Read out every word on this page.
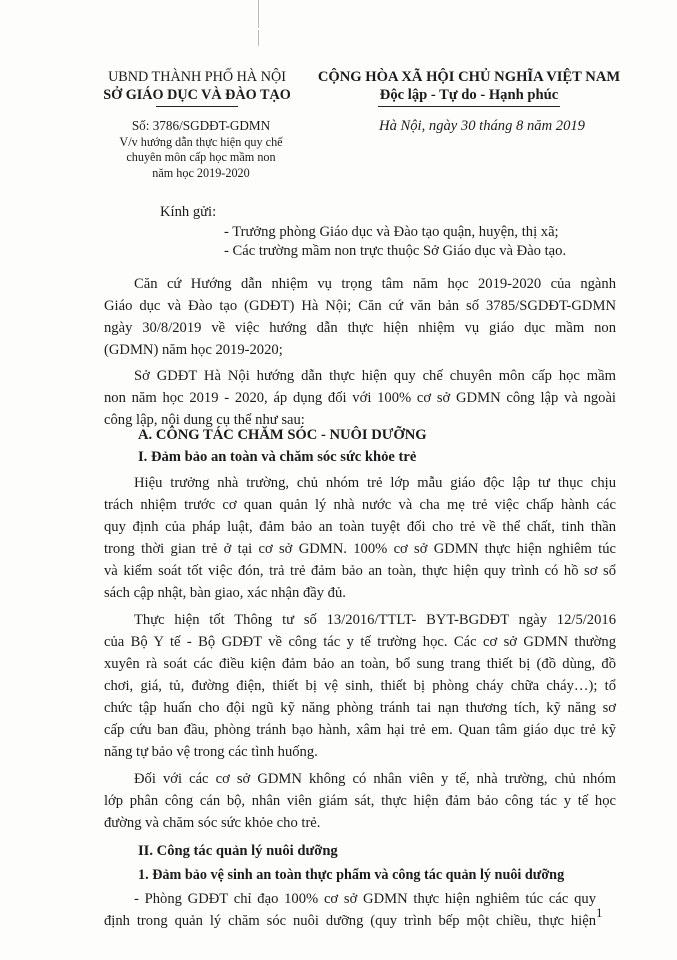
UBND THÀNH PHỐ HÀ NỘI
SỞ GIÁO DỤC VÀ ĐÀO TẠO
CỘNG HÒA XÃ HỘI CHỦ NGHĨA VIỆT NAM
Độc lập - Tự do - Hạnh phúc
Số: 3786/SGDĐT-GDMN
V/v hướng dẫn thực hiện quy chế
chuyên môn cấp học mầm non
năm học 2019-2020
Hà Nội, ngày 30 tháng 8 năm 2019
Kính gửi:
- Trưởng phòng Giáo dục và Đào tạo quận, huyện, thị xã;
- Các trường mầm non trực thuộc Sở Giáo dục và Đào tạo.
Căn cứ Hướng dẫn nhiệm vụ trọng tâm năm học 2019-2020 của ngành
Giáo dục và Đào tạo (GDĐT) Hà Nội; Căn cứ văn bản số 3785/SGDĐT-GDMN
ngày 30/8/2019 về việc hướng dẫn thực hiện nhiệm vụ giáo dục mầm non
(GDMN) năm học 2019-2020;
Sở GDĐT Hà Nội hướng dẫn thực hiện quy chế chuyên môn cấp học mầm
non năm học 2019 - 2020, áp dụng đối với 100% cơ sở GDMN công lập và ngoài
công lập, nội dung cụ thể như sau:
A. CÔNG TÁC CHĂM SÓC - NUÔI DƯỠNG
I. Đảm bảo an toàn và chăm sóc sức khỏe trẻ
Hiệu trưởng nhà trường, chủ nhóm trẻ lớp mẫu giáo độc lập tư thục chịu
trách nhiệm trước cơ quan quản lý nhà nước và cha mẹ trẻ việc chấp hành các
quy định của pháp luật, đảm bảo an toàn tuyệt đối cho trẻ về thể chất, tinh thần
trong thời gian trẻ ở tại cơ sở GDMN. 100% cơ sở GDMN thực hiện nghiêm túc
và kiểm soát tốt việc đón, trả trẻ đảm bảo an toàn, thực hiện quy trình có hồ sơ sổ
sách cập nhật, bàn giao, xác nhận đầy đủ.
Thực hiện tốt Thông tư số 13/2016/TTLT- BYT-BGDĐT ngày 12/5/2016
của Bộ Y tế - Bộ GDĐT về công tác y tế trường học. Các cơ sở GDMN thường
xuyên rà soát các điều kiện đảm bảo an toàn, bổ sung trang thiết bị (đồ dùng, đồ
chơi, giá, tủ, đường điện, thiết bị vệ sinh, thiết bị phòng cháy chữa cháy…); tổ
chức tập huấn cho đội ngũ kỹ năng phòng tránh tai nạn thương tích, kỹ năng sơ
cấp cứu ban đầu, phòng tránh bạo hành, xâm hại trẻ em. Quan tâm giáo dục trẻ kỹ
năng tự bảo vệ trong các tình huống.
Đối với các cơ sở GDMN không có nhân viên y tế, nhà trường, chủ nhóm
lớp phân công cán bộ, nhân viên giám sát, thực hiện đảm bảo công tác y tế học
đường và chăm sóc sức khỏe cho trẻ.
II. Công tác quản lý nuôi dưỡng
1. Đảm bảo vệ sinh an toàn thực phẩm và công tác quản lý nuôi dưỡng
- Phòng GDĐT chỉ đạo 100% cơ sở GDMN thực hiện nghiêm túc các quy
định trong quản lý chăm sóc nuôi dưỡng (quy trình bếp một chiều, thực hiện
1
